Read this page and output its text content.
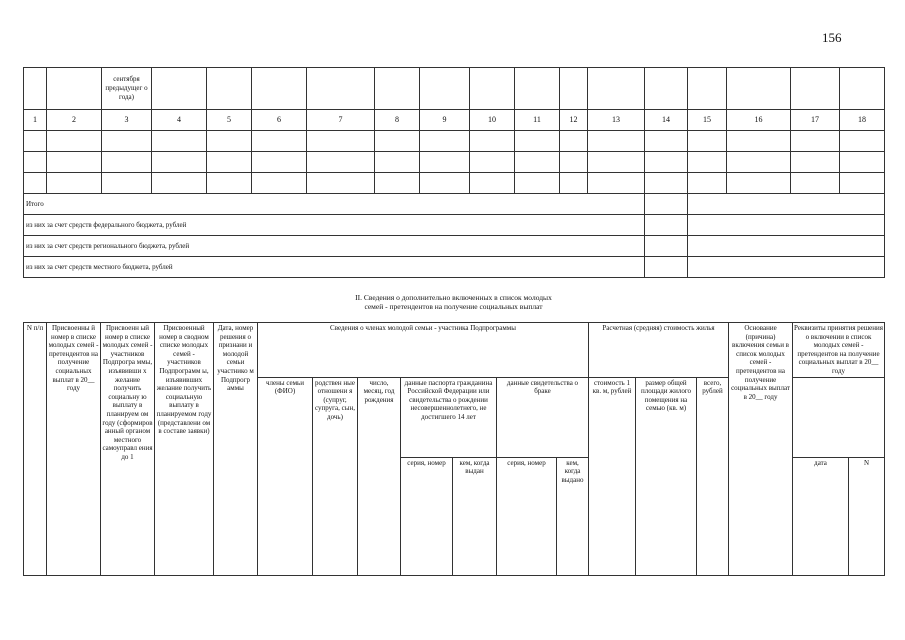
156
		сентября предыдущег о года)															
1	2	3	4	5	6	7	8	9	10	11	12	13	14	15	16	17	18

Итого																	
из них за счет средств федерального бюджета, рублей																	
из них за счет средств регионального бюджета, рублей																	
из них за счет средств местного бюджета, рублей																	
II. Сведения о дополнительно включенных в список молодых
семей - претендентов на получение социальных выплат
N п/п	Присвоенны й номер в списке молодых семей - претендентов на получение социальных выплат в 20__ году	Присвоенн ый номер в списке молодых семей - участников Подпрогра ммы, изъявивши х желание получить социальну ю выплату в планируем ом году (сформиров анный органом местного самоуправл ения до 1	Присвоенный номер в сводном списке молодых семей - участников Подпрограмм ы, изъявивших желание получить социальную выплату в планируемом году (представлени ом в составе заявки)	Дата, номер решения о признани и молодой семьи участнико м Подпрогр аммы	Сведения о членах молодой семьи - участника Подпрограммы							Расчетная (средняя) стоимость жилья			Основание (причина) включения семьи в список молодых семей - претендентов на получение социальных выплат в 20__ году	Реквизиты принятия решения о включении в список молодых семей - претендентов на получение социальных выплат в 20__ году	
					члены семьи (ФИО)	родствен ные отношени я (супруг, супруга, сын, дочь)	число, месяц, год рождения	данные паспорта гражданина Российской Федерации или свидетельства о рождении несовершеннолетнего, не достигшего 14 лет		данные свидетельства о браке		стоимость 1 кв. м, рублей	размер общей площади жилого помещения на семью (кв. м)	всего, рублей			
								серия, номер	кем, когда выдан	серия, номер	кем, когда выдано					дата	N
